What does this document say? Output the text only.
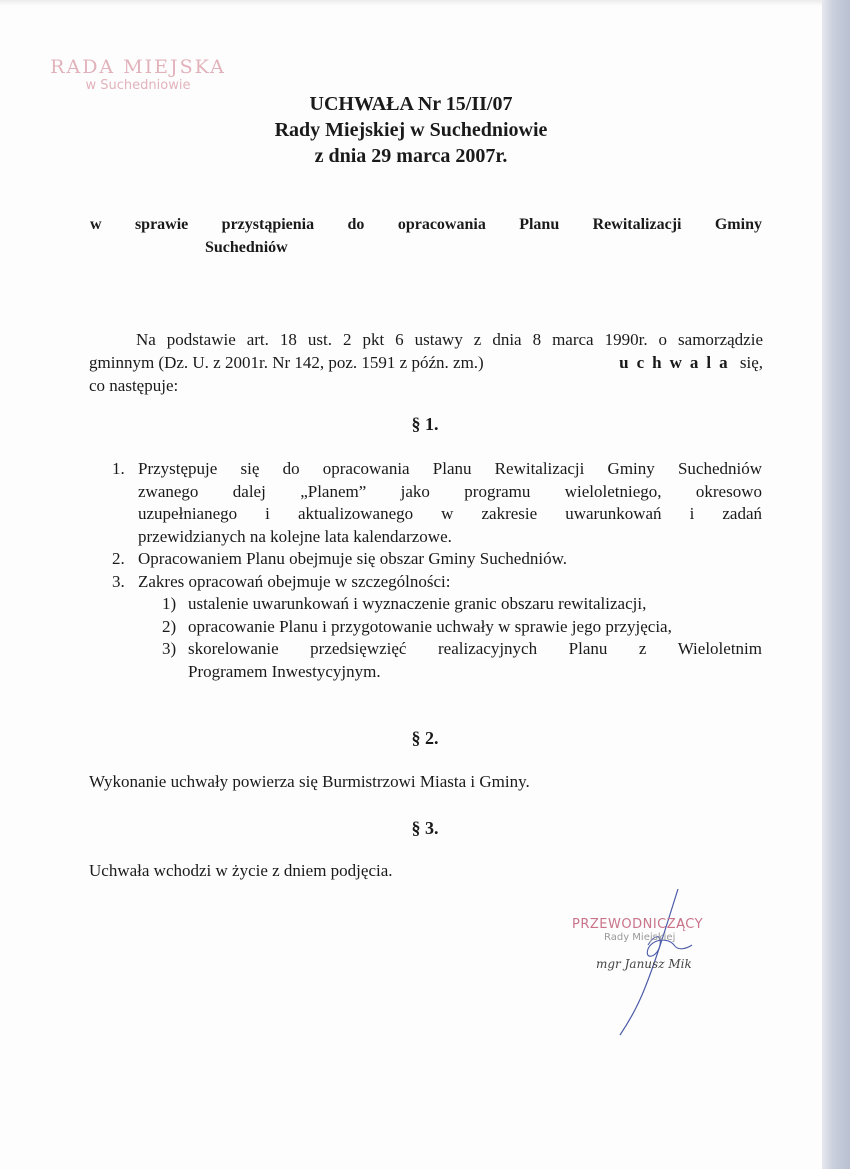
RADA MIEJSKA
w Suchedniowie
UCHWAŁA Nr 15/II/07
Rady Miejskiej w Suchedniowie
z dnia 29 marca 2007r.
w sprawie przystąpienia do opracowania Planu Rewitalizacji Gminy
Suchedniów
Na podstawie art. 18 ust. 2 pkt 6 ustawy z dnia 8 marca 1990r. o samorządzie
gminnym (Dz. U. z 2001r. Nr 142, poz. 1591 z późn. zm.)	uchwala się,
co następuje:
§ 1.
1. Przystępuje się do opracowania Planu Rewitalizacji Gminy Suchedniów
zwanego dalej „Planem” jako programu wieloletniego, okresowo
uzupełnianego i aktualizowanego w zakresie uwarunkowań i zadań
przewidzianych na kolejne lata kalendarzowe.
2. Opracowaniem Planu obejmuje się obszar Gminy Suchedniów.
3. Zakres opracowań obejmuje w szczególności:
1) ustalenie uwarunkowań i wyznaczenie granic obszaru rewitalizacji,
2) opracowanie Planu i przygotowanie uchwały w sprawie jego przyjęcia,
3) skorelowanie przedsięwzięć realizacyjnych Planu z Wieloletnim
Programem Inwestycyjnym.
§ 2.
Wykonanie uchwały powierza się Burmistrzowi Miasta i Gminy.
§ 3.
Uchwała wchodzi w życie z dniem podjęcia.
PRZEWODNICZĄCY
Rady Miejskiej
mgr Janusz Mik
